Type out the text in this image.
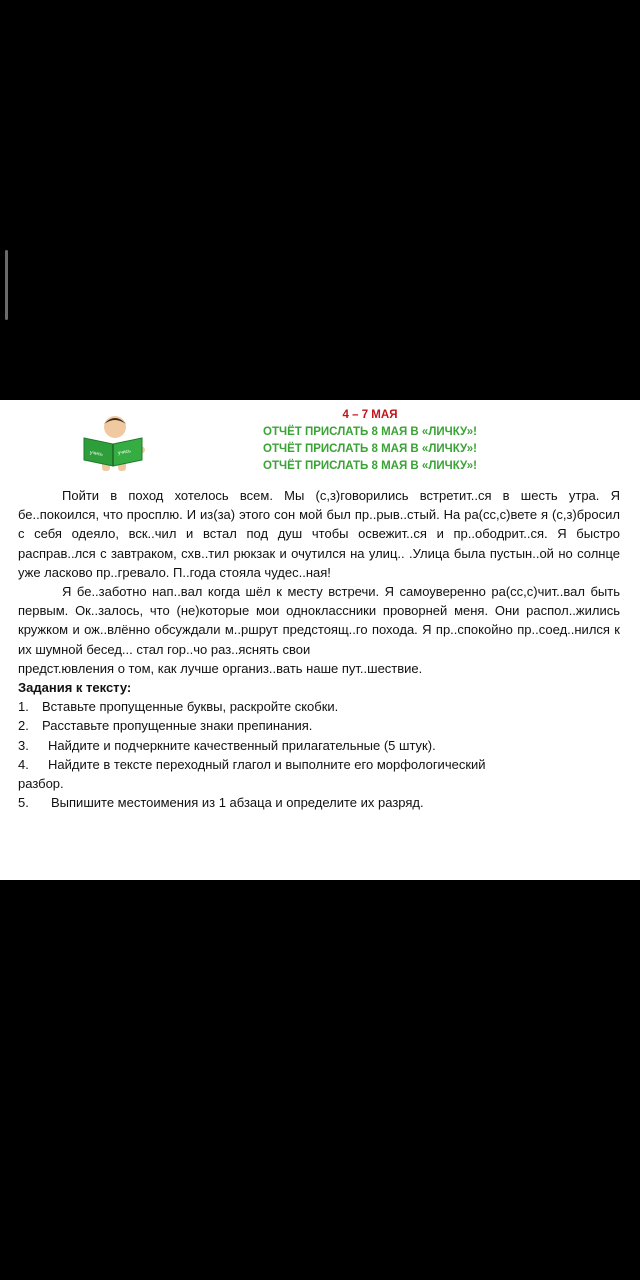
учись	учись
4 – 7 МАЯ
ОТЧЁТ ПРИСЛАТЬ 8 МАЯ В «ЛИЧКУ»!
ОТЧЁТ ПРИСЛАТЬ 8 МАЯ В «ЛИЧКУ»!
ОТЧЁТ ПРИСЛАТЬ 8 МАЯ В «ЛИЧКУ»!

Пойти в поход хотелось всем. Мы (с,з)говорились встретит..ся в шесть утра. Я бе..покоился, что просплю. И из(за) этого сон мой был пр..рыв..стый. На ра(сс,с)вете я (с,з)бросил с себя одеяло, вск..чил и встал под душ чтобы освежит..ся и пр..ободрит..ся. Я быстро расправ..лся с завтраком, схв..тил рюкзак и очутился на улиц.. .Улица была пустын..ой но солнце уже ласково пр..гревало. П..года стояла чудес..ная!

Я бе..заботно нап..вал когда шёл к месту встречи. Я самоуверенно ра(сс,с)чит..вал быть первым. Ок..залось, что (не)которые мои одноклассники проворней меня. Они распол..жились кружком и ож..влённо обсуждали м..ршрут предстоящ..го похода. Я пр..спокойно пр..соед..нился к их шумной бесед... стал гор..чо раз..яснять свои

предст.ювления о том, как лучше организ..вать наше пут..шествие.

Задания к тексту:

1.	Вставьте пропущенные буквы, раскройте скобки.
2.	Расставьте пропущенные знаки препинания.
3.	Найдите и подчеркните качественный прилагательные (5 штук).
4.	Найдите в тексте переходный глагол и выполните его морфологический

разбор.

5.	Выпишите местоимения из 1 абзаца и определите их разряд.
